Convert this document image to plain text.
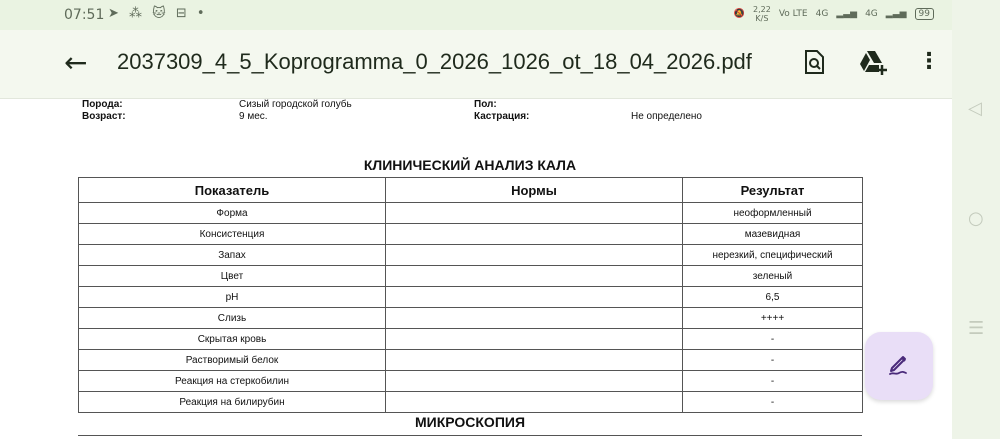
07:51 ➤ ⁂ 🐱 ⊟ •	🔕 2,22
K/S Vo LTE 4G ▂▃▅ 4G ▂▃▅	99
← 2037309_4_5_Koprogramma_0_2026_1026_ot_18_04_2026.pdf	⋮
◁
○
☰
Порода:	Сизый городской голубь	Пол:
Возраст:	9 мес.	Кастрация:	Не определено
КЛИНИЧЕСКИЙ АНАЛИЗ КАЛА
Показатель	Нормы	Результат
Форма		неоформленный
Консистенция		мазевидная
Запах		нерезкий, специфический
Цвет		зеленый
pH		6,5
Слизь		++++
Скрытая кровь		-
Растворимый белок		-
Реакция на стеркобилин		-
Реакция на билирубин		-
МИКРОСКОПИЯ
